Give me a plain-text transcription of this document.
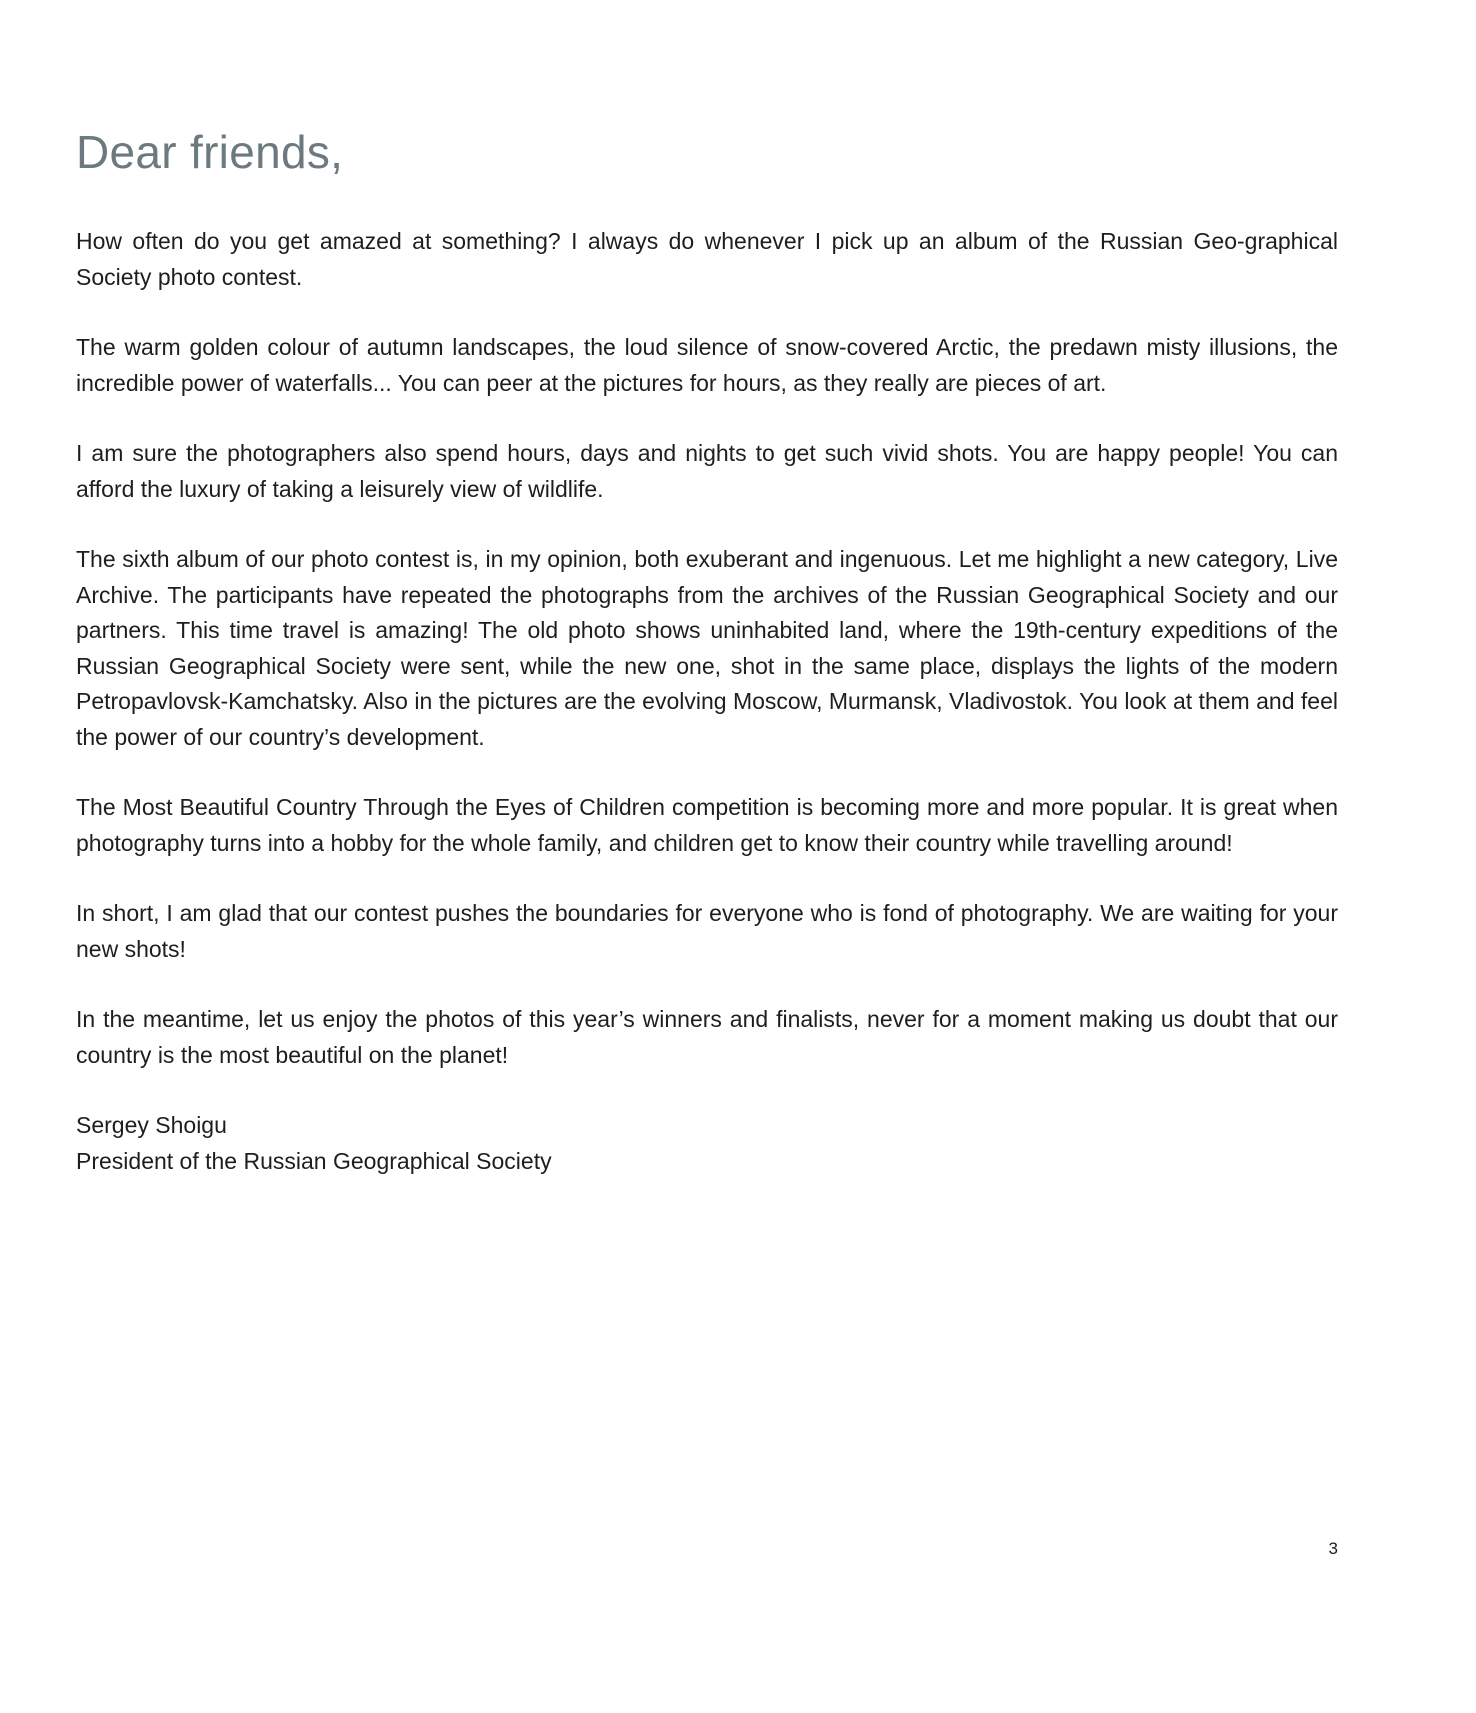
Dear friends,

How often do you get amazed at something? I always do whenever I pick up an album of the Russian Geo-graphical Society photo contest.

The warm golden colour of autumn landscapes, the loud silence of snow-covered Arctic, the predawn misty illusions, the incredible power of waterfalls... You can peer at the pictures for hours, as they really are pieces of art.

I am sure the photographers also spend hours, days and nights to get such vivid shots. You are happy people! You can afford the luxury of taking a leisurely view of wildlife.

The sixth album of our photo contest is, in my opinion, both exuberant and ingenuous. Let me highlight a new category, Live Archive. The participants have repeated the photographs from the archives of the Russian Geographical Society and our partners. This time travel is amazing! The old photo shows uninhabited land, where the 19th-century expeditions of the Russian Geographical Society were sent, while the new one, shot in the same place, displays the lights of the modern Petropavlovsk-Kamchatsky. Also in the pictures are the evolving Moscow, Murmansk, Vladivostok. You look at them and feel the power of our country’s development.

The Most Beautiful Country Through the Eyes of Children competition is becoming more and more popular. It is great when photography turns into a hobby for the whole family, and children get to know their country while travelling around!

In short, I am glad that our contest pushes the boundaries for everyone who is fond of photography. We are waiting for your new shots!

In the meantime, let us enjoy the photos of this year’s winners and finalists, never for a moment making us doubt that our country is the most beautiful on the planet!

Sergey Shoigu
President of the Russian Geographical Society

3
